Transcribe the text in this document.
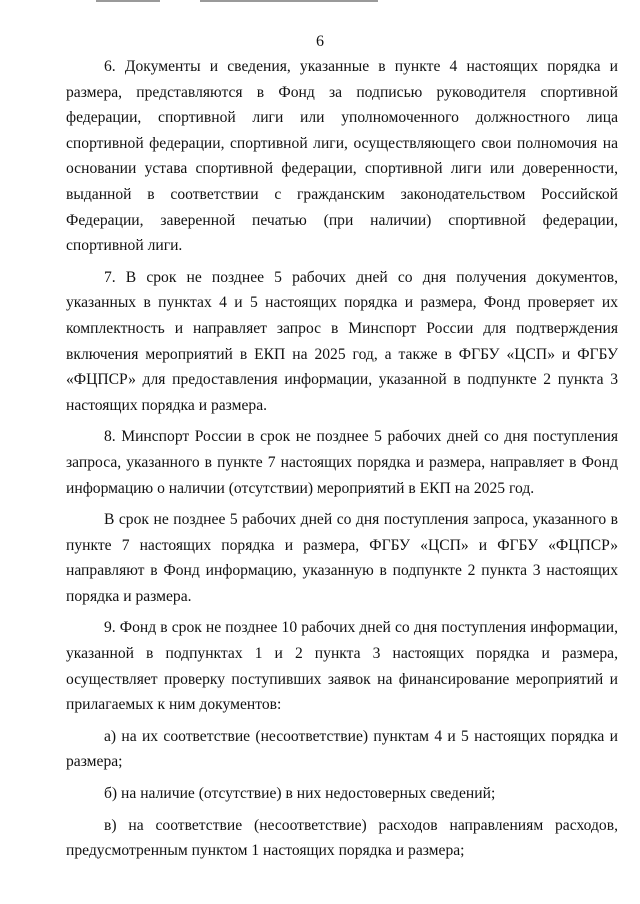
6

6. Документы и сведения, указанные в пункте 4 настоящих порядка и размера, представляются в Фонд за подписью руководителя спортивной федерации, спортивной лиги или уполномоченного должностного лица спортивной федерации, спортивной лиги, осуществляющего свои полномочия на основании устава спортивной федерации, спортивной лиги или доверенности, выданной в соответствии с гражданским законодательством Российской Федерации, заверенной печатью (при наличии) спортивной федерации, спортивной лиги.

7. В срок не позднее 5 рабочих дней со дня получения документов, указанных в пунктах 4 и 5 настоящих порядка и размера, Фонд проверяет их комплектность и направляет запрос в Минспорт России для подтверждения включения мероприятий в ЕКП на 2025 год, а также в ФГБУ «ЦСП» и ФГБУ «ФЦПСР» для предоставления информации, указанной в подпункте 2 пункта 3 настоящих порядка и размера.

8. Минспорт России в срок не позднее 5 рабочих дней со дня поступления запроса, указанного в пункте 7 настоящих порядка и размера, направляет в Фонд информацию о наличии (отсутствии) мероприятий в ЕКП на 2025 год.

В срок не позднее 5 рабочих дней со дня поступления запроса, указанного в пункте 7 настоящих порядка и размера, ФГБУ «ЦСП» и ФГБУ «ФЦПСР» направляют в Фонд информацию, указанную в подпункте 2 пункта 3 настоящих порядка и размера.

9. Фонд в срок не позднее 10 рабочих дней со дня поступления информации, указанной в подпунктах 1 и 2 пункта 3 настоящих порядка и размера, осуществляет проверку поступивших заявок на финансирование мероприятий и прилагаемых к ним документов:

а) на их соответствие (несоответствие) пунктам 4 и 5 настоящих порядка и размера;

б) на наличие (отсутствие) в них недостоверных сведений;

в) на соответствие (несоответствие) расходов направлениям расходов, предусмотренным пунктом 1 настоящих порядка и размера;
